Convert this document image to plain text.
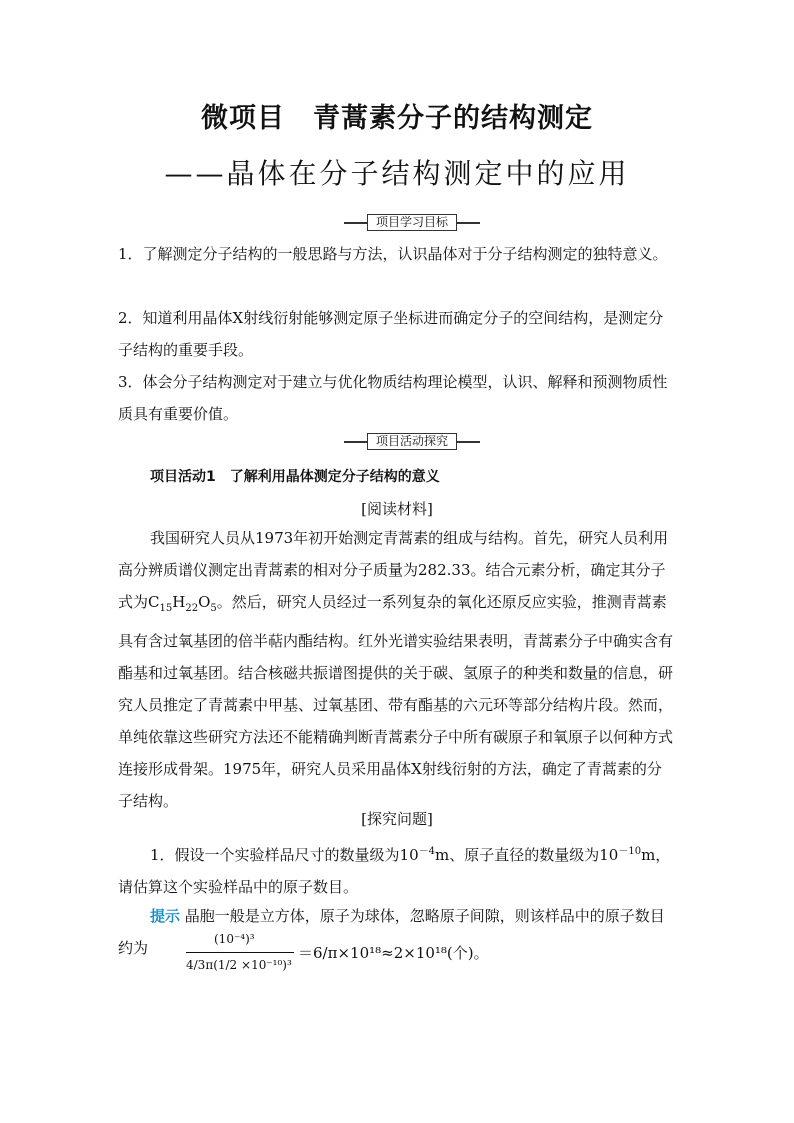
微项目　青蒿素分子的结构测定
——晶体在分子结构测定中的应用
项目学习目标
1．了解测定分子结构的一般思路与方法，认识晶体对于分子结构测定的独特意义。
2．知道利用晶体X射线衍射能够测定原子坐标进而确定分子的空间结构，是测定分子结构的重要手段。
3．体会分子结构测定对于建立与优化物质结构理论模型，认识、解释和预测物质性质具有重要价值。
项目活动探究
项目活动1　了解利用晶体测定分子结构的意义
[阅读材料]
我国研究人员从1973年初开始测定青蒿素的组成与结构。首先，研究人员利用高分辨质谱仪测定出青蒿素的相对分子质量为282.33。结合元素分析，确定其分子式为$C_{15}H_{22}O_5$。然后，研究人员经过一系列复杂的氧化还原反应实验，推测青蒿素具有含过氧基团的倍半萜内酯结构。红外光谱实验结果表明，青蒿素分子中确实含有酯基和过氧基团。结合核磁共振谱图提供的关于碳、氢原子的种类和数量的信息，研究人员推定了青蒿素中甲基、过氧基团、带有酯基的六元环等部分结构片段。然而，单纯依靠这些研究方法还不能精确判断青蒿素分子中所有碳原子和氧原子以何种方式连接形成骨架。1975年，研究人员采用晶体X射线衍射的方法，确定了青蒿素的分子结构。
[探究问题]
1．假设一个实验样品尺寸的数量级为$10^{-4}m$、原子直径的数量级为$10^{-10}m$，请估算这个实验样品中的原子数目。
提示 晶胞一般是立方体，原子为球体，忽略原子间隙，则该样品中的原子数目约为	(10⁻⁴)³
4/3π(1/2 ×10⁻¹⁰)³
＝6/π×10¹⁸≈2×10¹⁸(个)。
